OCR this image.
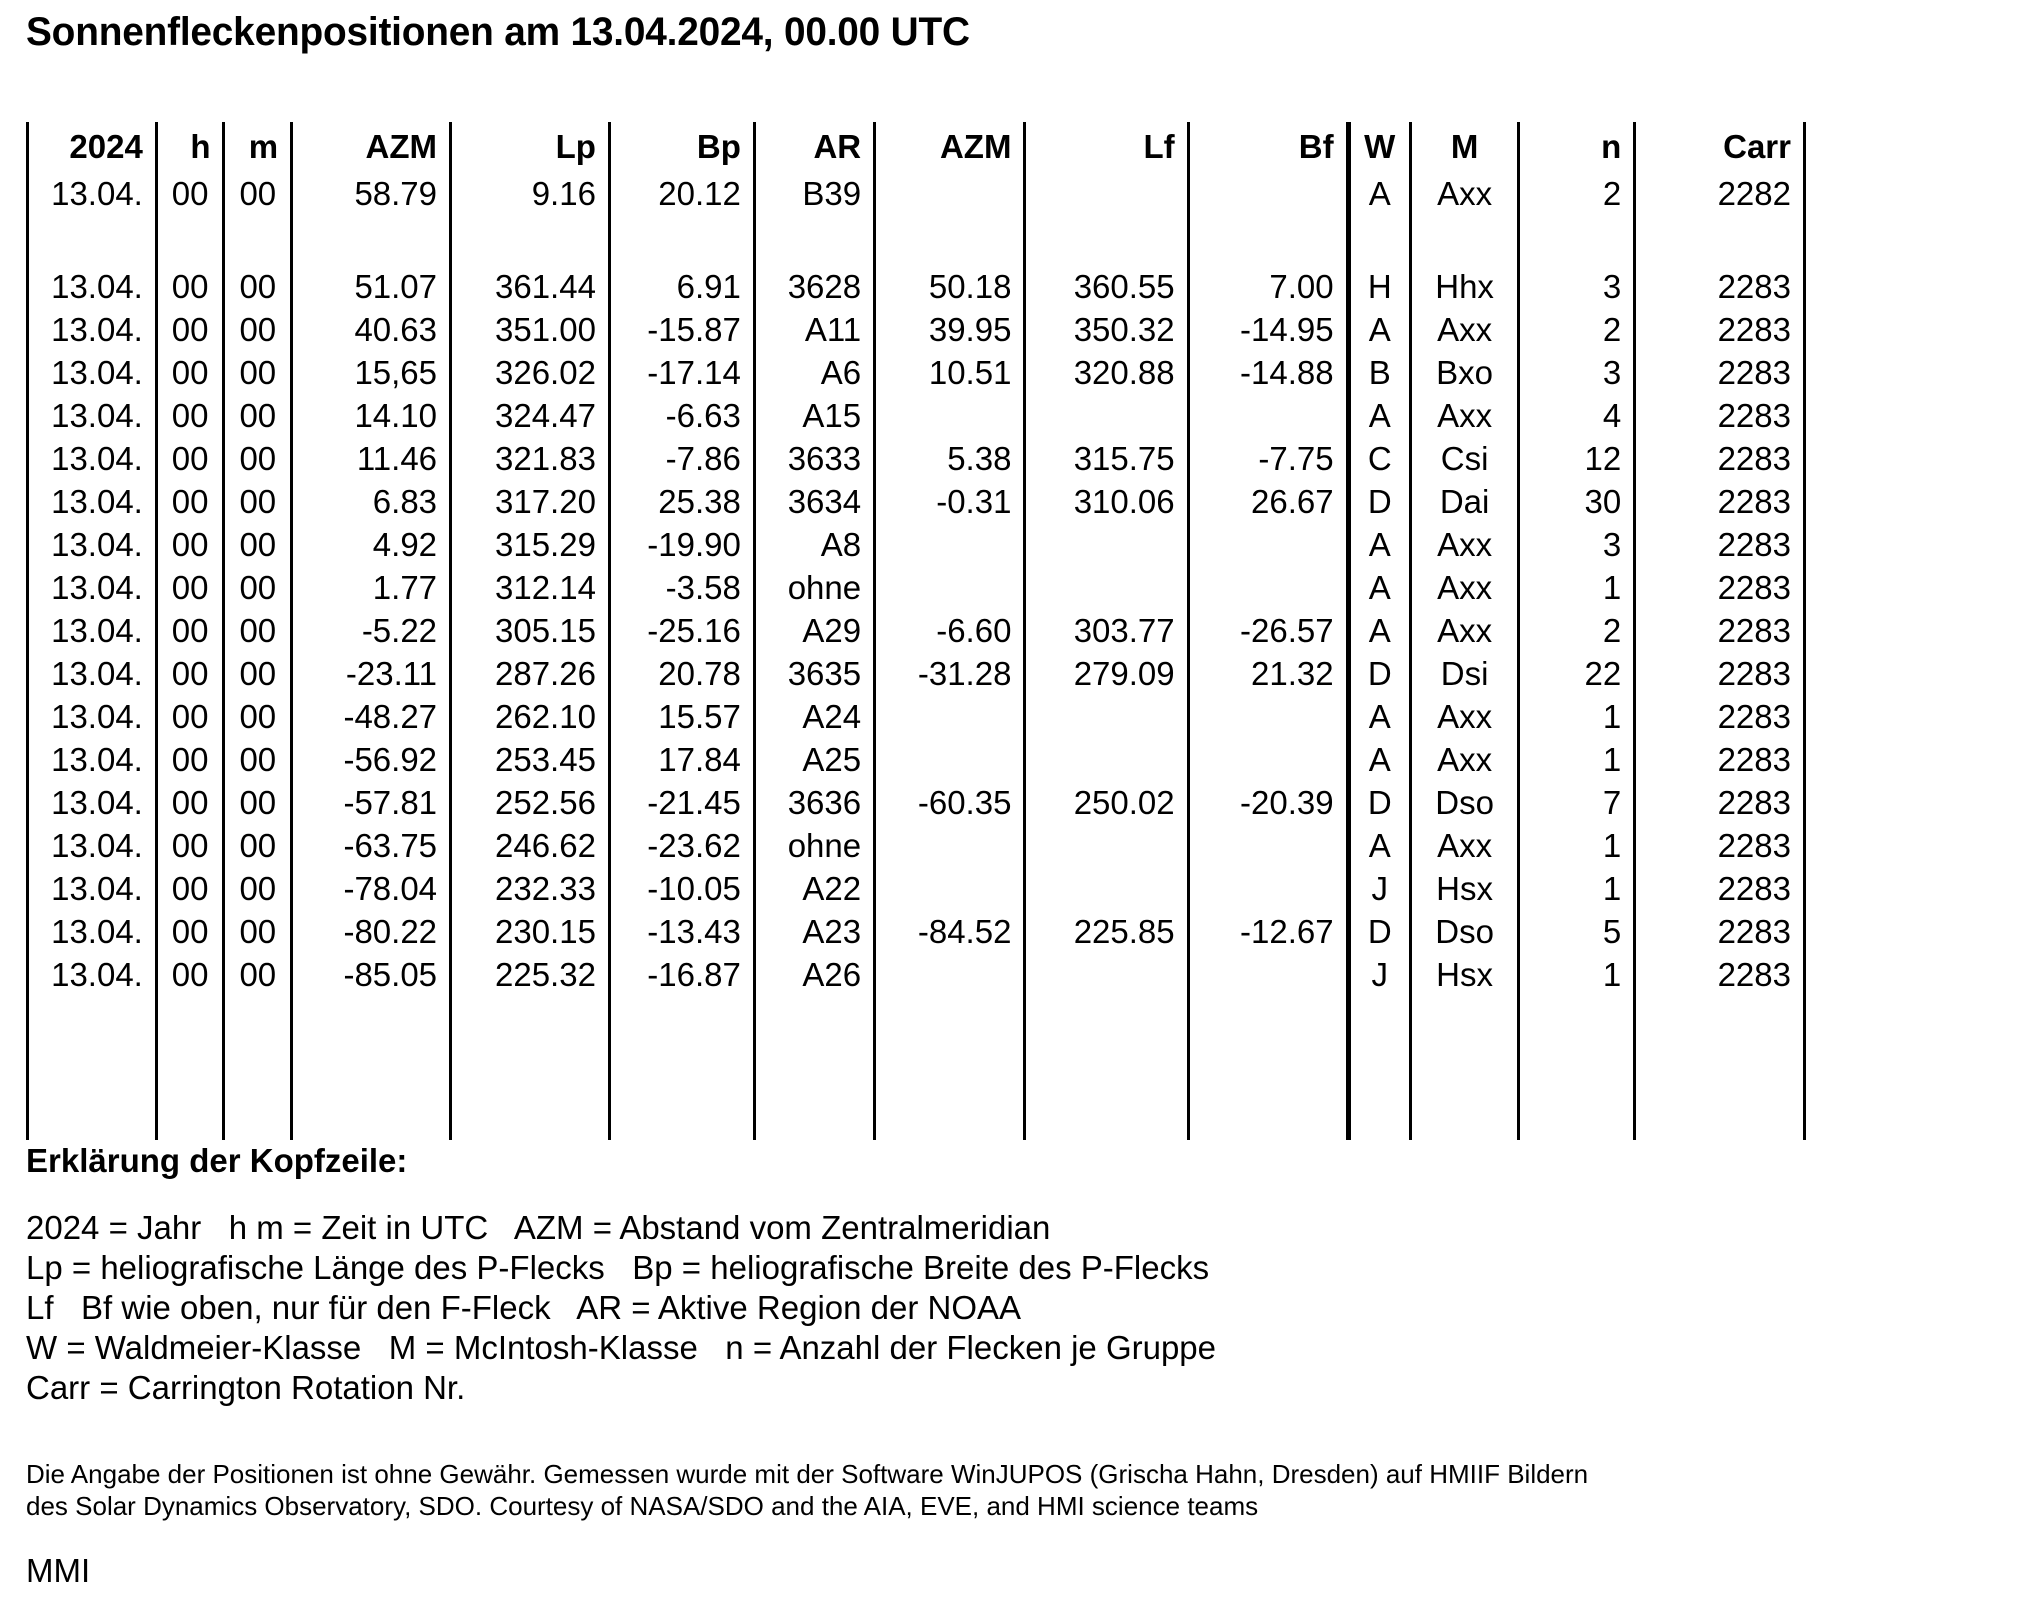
Sonnenfleckenpositionen am 13.04.2024, 00.00 UTC
2024	h	m	AZM	Lp	Bp	AR	AZM	Lf	Bf	W	M	n	Carr
13.04.	00	00	58.79	9.16	20.12	B39				A	Axx	2	2282

13.04.	00	00	51.07	361.44	6.91	3628	50.18	360.55	7.00	H	Hhx	3	2283
13.04.	00	00	40.63	351.00	-15.87	A11	39.95	350.32	-14.95	A	Axx	2	2283
13.04.	00	00	15,65	326.02	-17.14	A6	10.51	320.88	-14.88	B	Bxo	3	2283
13.04.	00	00	14.10	324.47	-6.63	A15				A	Axx	4	2283
13.04.	00	00	11.46	321.83	-7.86	3633	5.38	315.75	-7.75	C	Csi	12	2283
13.04.	00	00	6.83	317.20	25.38	3634	-0.31	310.06	26.67	D	Dai	30	2283
13.04.	00	00	4.92	315.29	-19.90	A8				A	Axx	3	2283
13.04.	00	00	1.77	312.14	-3.58	ohne				A	Axx	1	2283
13.04.	00	00	-5.22	305.15	-25.16	A29	-6.60	303.77	-26.57	A	Axx	2	2283
13.04.	00	00	-23.11	287.26	20.78	3635	-31.28	279.09	21.32	D	Dsi	22	2283
13.04.	00	00	-48.27	262.10	15.57	A24				A	Axx	1	2283
13.04.	00	00	-56.92	253.45	17.84	A25				A	Axx	1	2283
13.04.	00	00	-57.81	252.56	-21.45	3636	-60.35	250.02	-20.39	D	Dso	7	2283
13.04.	00	00	-63.75	246.62	-23.62	ohne				A	Axx	1	2283
13.04.	00	00	-78.04	232.33	-10.05	A22				J	Hsx	1	2283
13.04.	00	00	-80.22	230.15	-13.43	A23	-84.52	225.85	-12.67	D	Dso	5	2283
13.04.	00	00	-85.05	225.32	-16.87	A26				J	Hsx	1	2283

Erklärung der Kopfzeile:
2024 = Jahr   h m = Zeit in UTC   AZM = Abstand vom Zentralmeridian
Lp = heliografische Länge des P-Flecks   Bp = heliografische Breite des P-Flecks
Lf   Bf wie oben, nur für den F-Fleck   AR = Aktive Region der NOAA
W = Waldmeier-Klasse   M = McIntosh-Klasse   n = Anzahl der Flecken je Gruppe
Carr = Carrington Rotation Nr.
Die Angabe der Positionen ist ohne Gewähr. Gemessen wurde mit der Software WinJUPOS (Grischa Hahn, Dresden) auf HMIIF Bildern
des Solar Dynamics Observatory, SDO. Courtesy of NASA/SDO and the AIA, EVE, and HMI science teams
MMI
